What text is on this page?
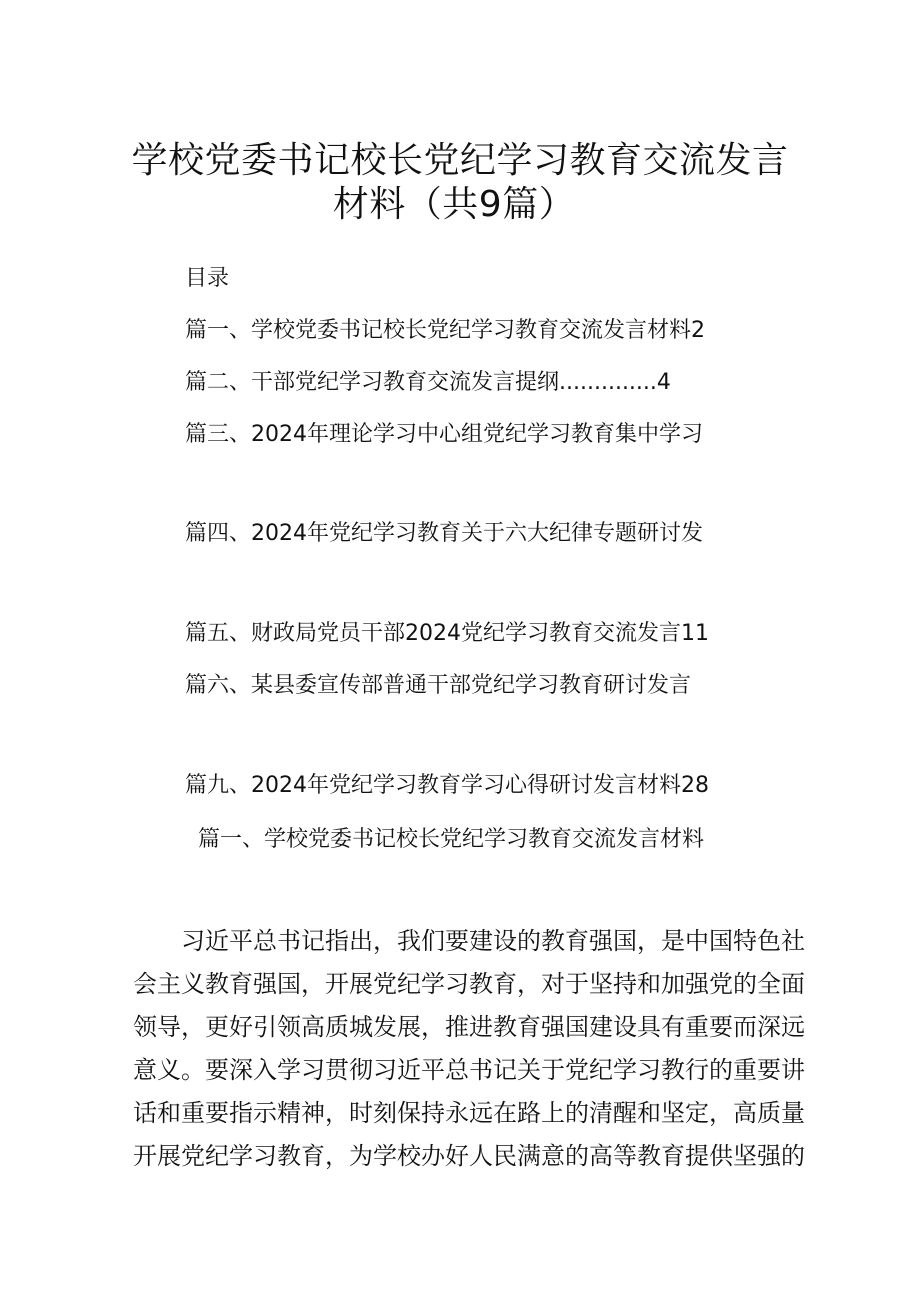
学校党委书记校长党纪学习教育交流发言
材料（共9篇）
目录
篇一、学校党委书记校长党纪学习教育交流发言材料2
篇二、干部党纪学习教育交流发言提纲..............4
篇三、2024年理论学习中心组党纪学习教育集中学习
篇四、2024年党纪学习教育关于六大纪律专题研讨发
篇五、财政局党员干部2024党纪学习教育交流发言11
篇六、某县委宣传部普通干部党纪学习教育研讨发言
篇九、2024年党纪学习教育学习心得研讨发言材料28
篇一、学校党委书记校长党纪学习教育交流发言材料
习近平总书记指出，我们要建设的教育强国，是中国特色社
会主义教育强国，开展党纪学习教育，对于坚持和加强党的全面
领导，更好引领高质城发展，推进教育强国建设具有重要而深远
意义。要深入学习贯彻习近平总书记关于党纪学习教行的重要讲
话和重要指示精神，时刻保持永远在路上的清醒和坚定，高质量
开展党纪学习教育，为学校办好人民满意的高等教育提供坚强的
